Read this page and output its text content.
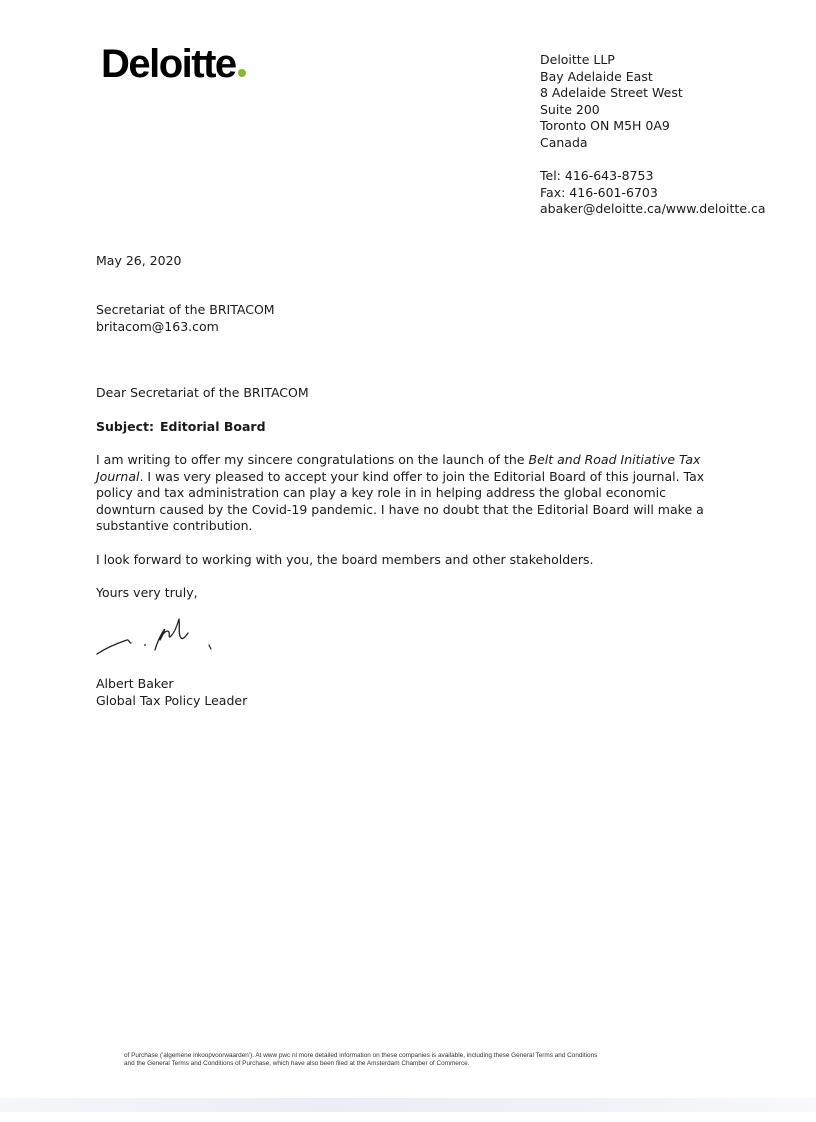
Deloitte	Deloitte LLP
Bay Adelaide East
8 Adelaide Street West
Suite 200
Toronto ON M5H 0A9
Canada
Tel: 416-643-8753
Fax: 416-601-6703
abaker@deloitte.ca/www.deloitte.ca
May 26, 2020
Secretariat of the BRITACOM
britacom@163.com
Dear Secretariat of the BRITACOM
Subject: Editorial Board
I am writing to offer my sincere congratulations on the launch of the Belt and Road Initiative Tax Journal. I was very pleased to accept your kind offer to join the Editorial Board of this journal. Tax policy and tax administration can play a key role in in helping address the global economic downturn caused by the Covid-19 pandemic. I have no doubt that the Editorial Board will make a substantive contribution.
I look forward to working with you, the board members and other stakeholders.
Yours very truly,
Albert Baker
Global Tax Policy Leader
of Purchase ('algemene inkoopvoorwaarden'). At www pwc nl more detailed information on these companies is available, including these General Terms and Conditions
and the General Terms and Conditions of Purchase, which have also been filed at the Amsterdam Chamber of Commerce.
